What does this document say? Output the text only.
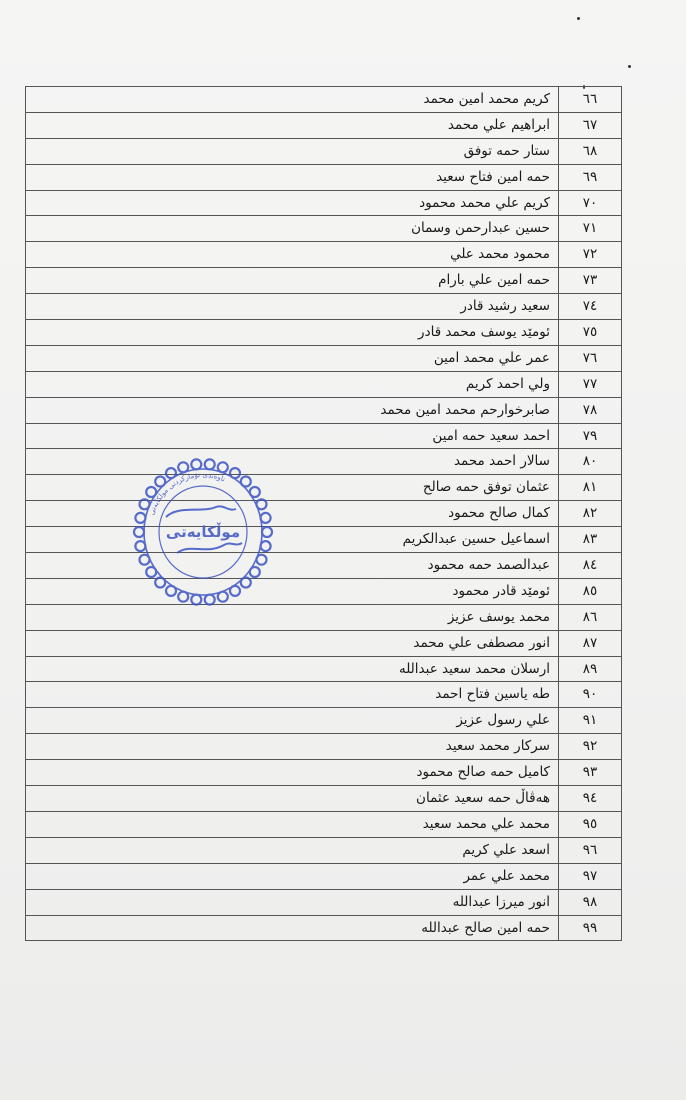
كريم محمد امين محمد	٦٦
ابراهيم علي محمد	٦٧
ستار حمه توفق	٦٨
حمه امين فتاح سعيد	٦٩
كريم علي محمد محمود	٧٠
حسين عبدارحمن وسمان	٧١
محمود محمد علي	٧٢
حمه امين علي بارام	٧٣
سعيد رشيد قادر	٧٤
ئومێد يوسف محمد قادر	٧٥
عمر علي محمد امين	٧٦
ولي احمد كريم	٧٧
صابرخوارحم محمد امين محمد	٧٨
احمد سعيد حمه امين	٧٩
سالار احمد محمد	٨٠
عثمان توفق حمه صالح	٨١
كمال صالح محمود	٨٢
اسماعيل حسين عبدالكريم	٨٣
عبدالصمد حمه محمود	٨٤
ئومێد قادر محمود	٨٥
محمد يوسف عزيز	٨٦
انور مصطفى علي محمد	٨٧
ارسلان محمد سعيد عبدالله	٨٩
طه ياسين فتاح احمد	٩٠
علي رسول عزيز	٩١
سركار محمد سعيد	٩٢
كاميل حمه صالح محمود	٩٣
هەڤاڵ حمه سعيد عثمان	٩٤
محمد علي محمد سعيد	٩٥
اسعد علي كريم	٩٦
محمد علي عمر	٩٧
انور ميرزا عبدالله	٩٨
حمه امين صالح عبدالله	٩٩
ناوەندی تۆمارکردنی موڵکایەتی
موڵكايەتی
